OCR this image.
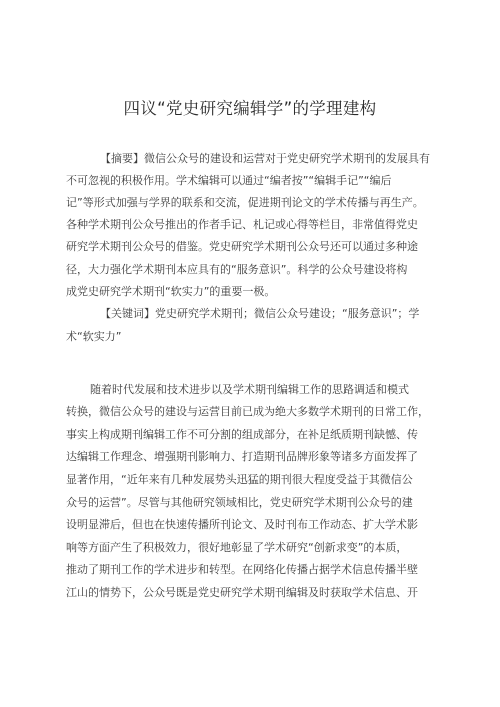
四议“党史研究编辑学”的学理建构
【摘要】微信公众号的建设和运营对于党史研究学术期刊的发展具有
不可忽视的积极作用。学术编辑可以通过“编者按”“编辑手记”“编后
记”等形式加强与学界的联系和交流，促进期刊论文的学术传播与再生产。
各种学术期刊公众号推出的作者手记、札记或心得等栏目，非常值得党史
研究学术期刊公众号的借鉴。党史研究学术期刊公众号还可以通过多种途
径，大力强化学术期刊本应具有的“服务意识”。科学的公众号建设将构
成党史研究学术期刊“软实力”的重要一极。
【关键词】党史研究学术期刊；微信公众号建设；“服务意识”；学
术“软实力”
随着时代发展和技术进步以及学术期刊编辑工作的思路调适和模式
转换，微信公众号的建设与运营目前已成为绝大多数学术期刊的日常工作，
事实上构成期刊编辑工作不可分割的组成部分，在补足纸质期刊缺憾、传
达编辑工作理念、增强期刊影响力、打造期刊品牌形象等诸多方面发挥了
显著作用，“近年来有几种发展势头迅猛的期刊很大程度受益于其微信公
众号的运营”。尽管与其他研究领域相比，党史研究学术期刊公众号的建
设明显滞后，但也在快速传播所刊论文、及时刊布工作动态、扩大学术影
响等方面产生了积极效力，很好地彰显了学术研究“创新求变”的本质，
推动了期刊工作的学术进步和转型。在网络化传播占据学术信息传播半壁
江山的情势下，公众号既是党史研究学术期刊编辑及时获取学术信息、开
